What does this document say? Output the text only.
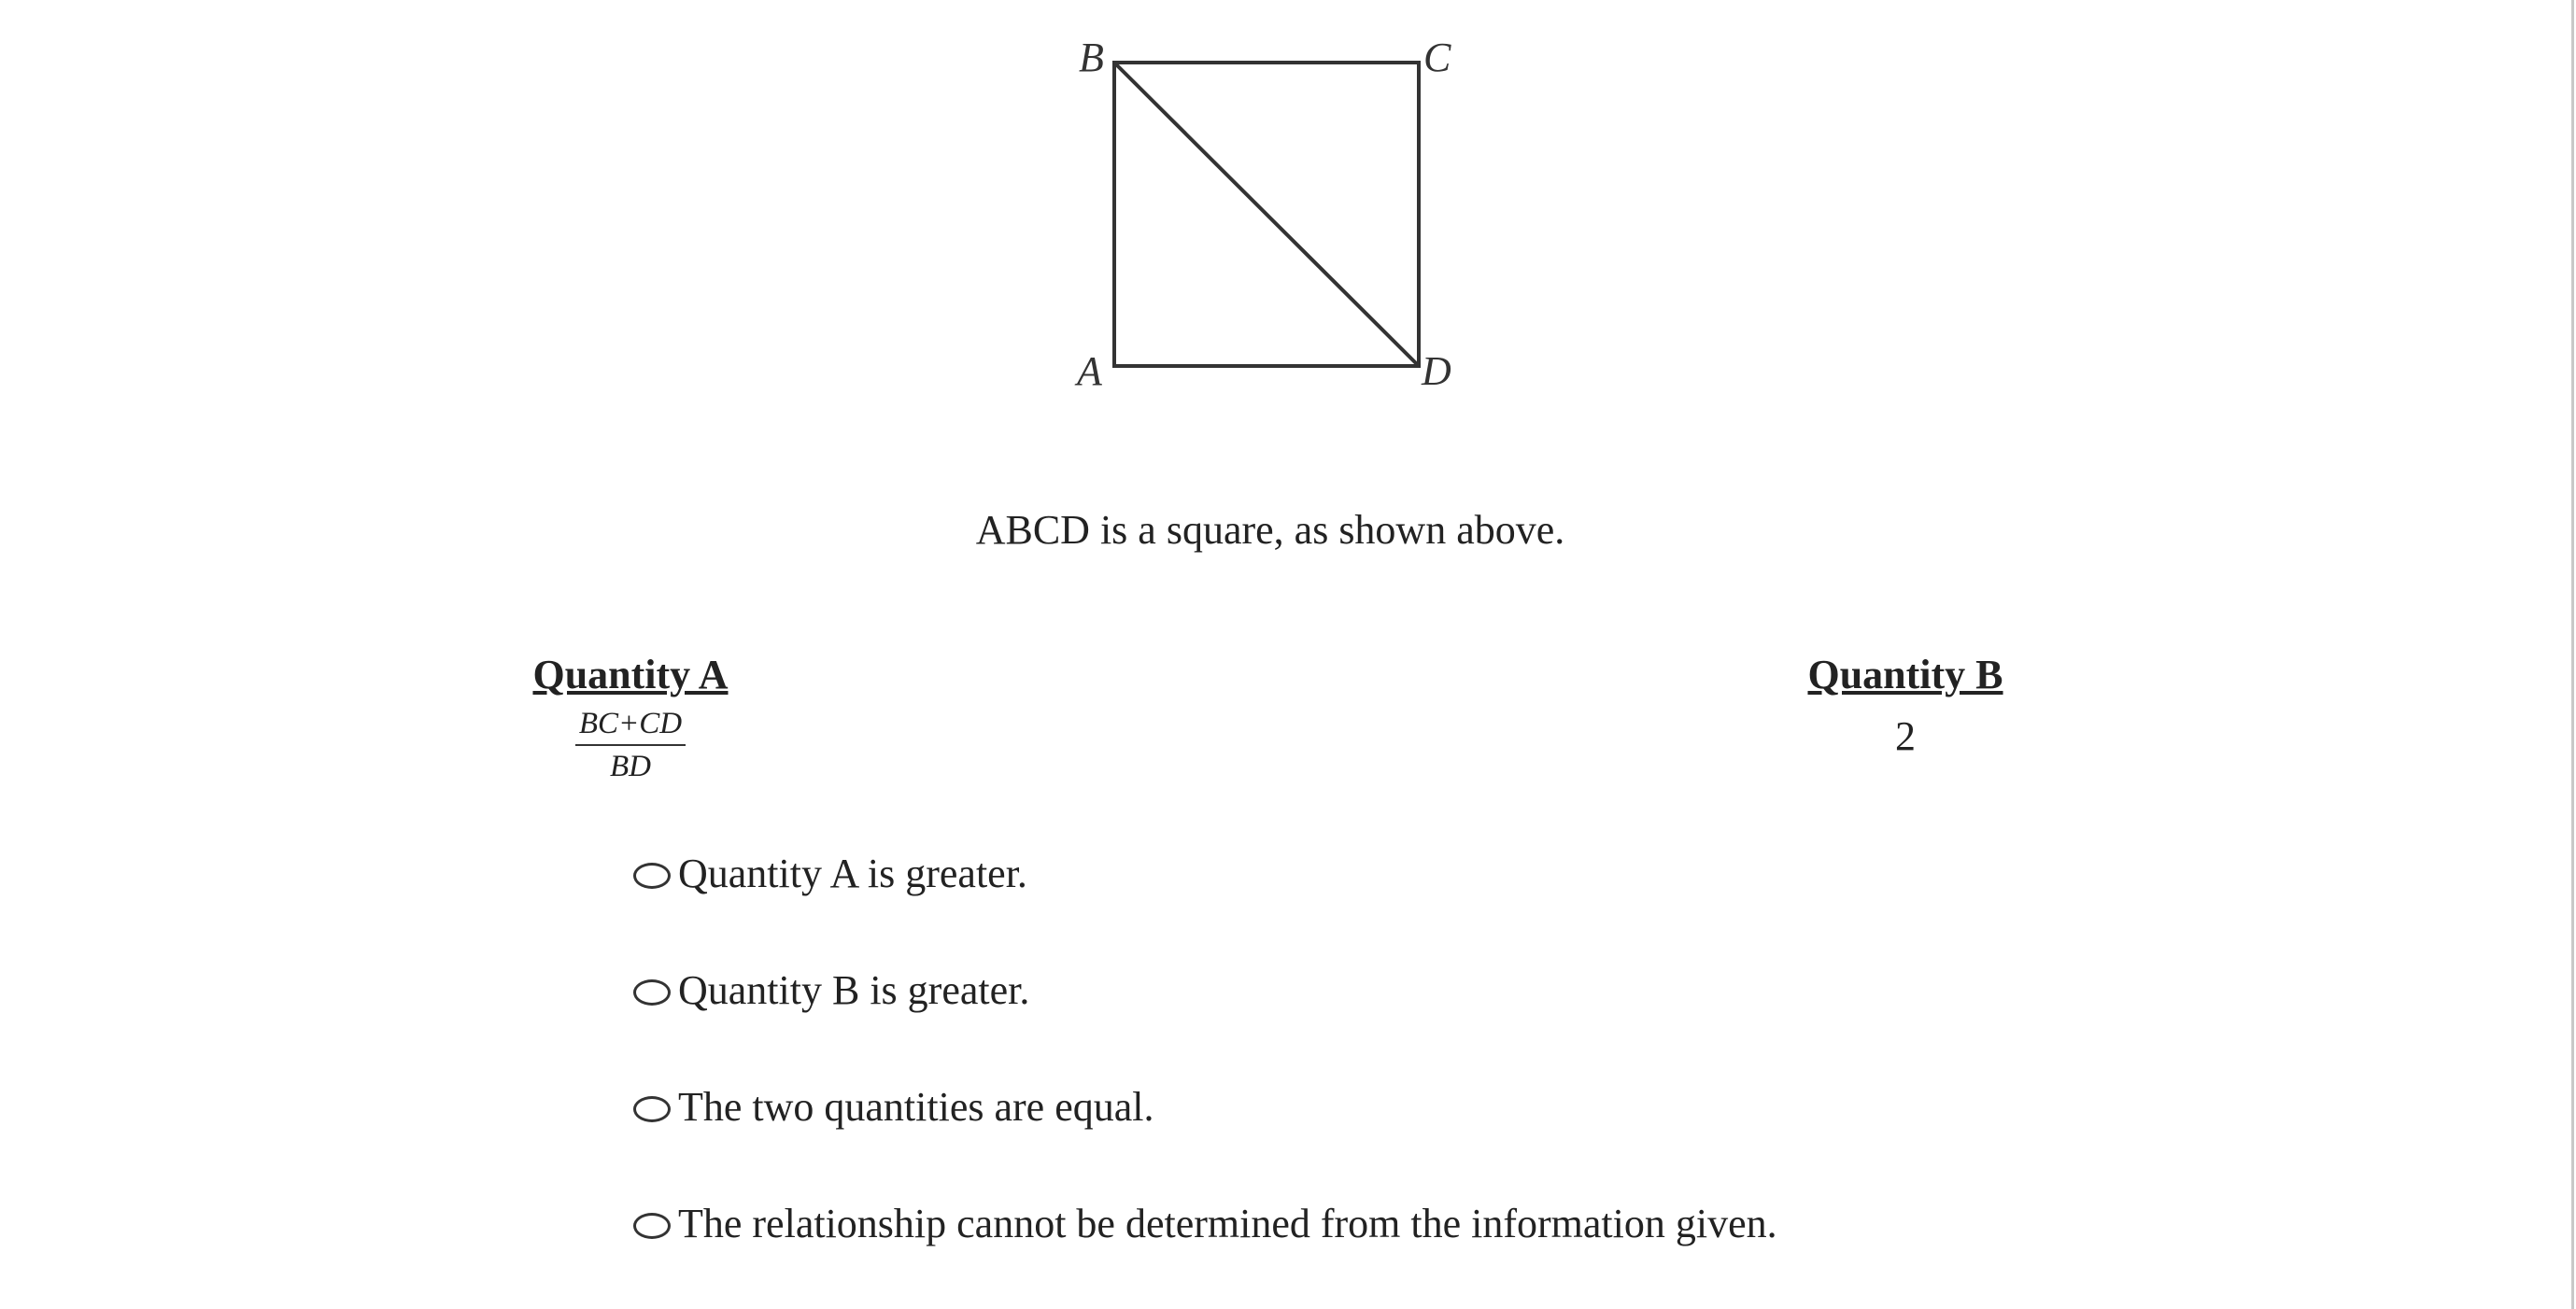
B	C
A	D
ABCD is a square, as shown above.
Quantity A
$\frac{BC+CD}{BD}$
Quantity B
2
Quantity A is greater.
Quantity B is greater.
The two quantities are equal.
The relationship cannot be determined from the information given.
